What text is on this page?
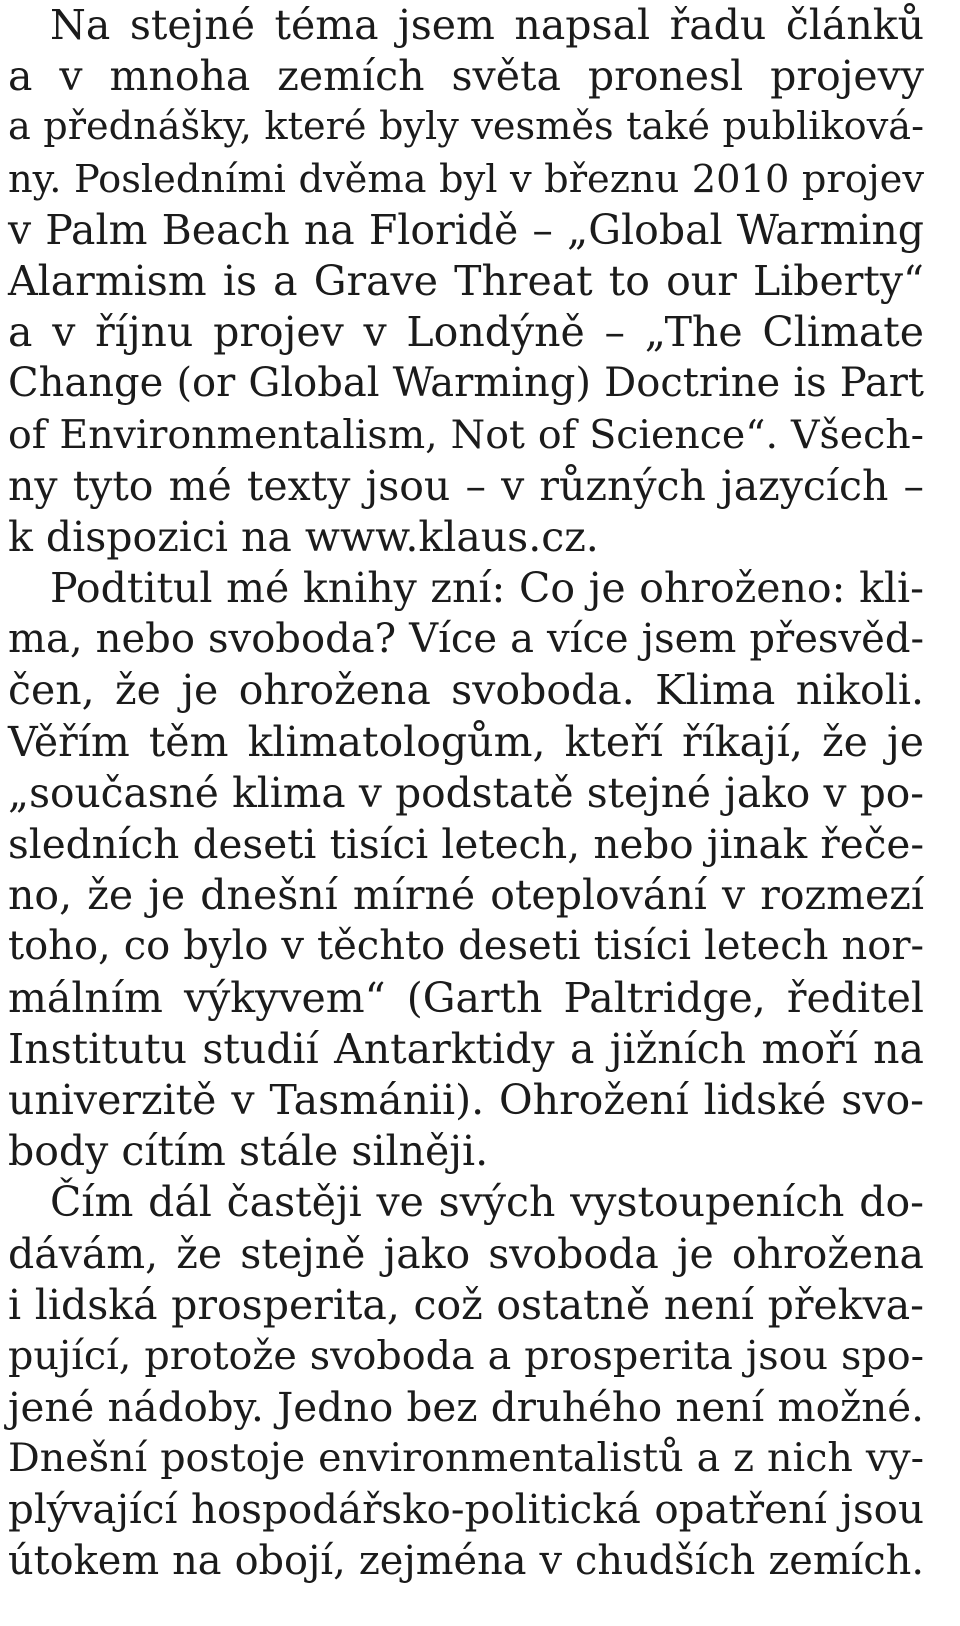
Na stejné téma jsem napsal řadu článků
a v mnoha zemích světa pronesl projevy
a přednášky, které byly vesměs také publiková-
ny. Posledními dvěma byl v březnu 2010 projev
v Palm Beach na Floridě – „Global Warming
Alarmism is a Grave Threat to our Liberty“
a v říjnu projev v Londýně – „The Climate
Change (or Global Warming) Doctrine is Part
of Environmentalism, Not of Science“. Všech-
ny tyto mé texty jsou – v různých jazycích –
k dispozici na www.klaus.cz.
Podtitul mé knihy zní: Co je ohroženo: kli-
ma, nebo svoboda? Více a více jsem přesvěd-
čen, že je ohrožena svoboda. Klima nikoli.
Věřím těm klimatologům, kteří říkají, že je
„současné klima v podstatě stejné jako v po-
sledních deseti tisíci letech, nebo jinak řeče-
no, že je dnešní mírné oteplování v rozmezí
toho, co bylo v těchto deseti tisíci letech nor-
málním výkyvem“ (Garth Paltridge, ředitel
Institutu studií Antarktidy a jižních moří na
univerzitě v Tasmánii). Ohrožení lidské svo-
body cítím stále silněji.
Čím dál častěji ve svých vystoupeních do-
dávám, že stejně jako svoboda je ohrožena
i lidská prosperita, což ostatně není překva-
pující, protože svoboda a prosperita jsou spo-
jené nádoby. Jedno bez druhého není možné.
Dnešní postoje environmentalistů a z nich vy-
plývající hospodářsko-politická opatření jsou
útokem na obojí, zejména v chudších zemích.
